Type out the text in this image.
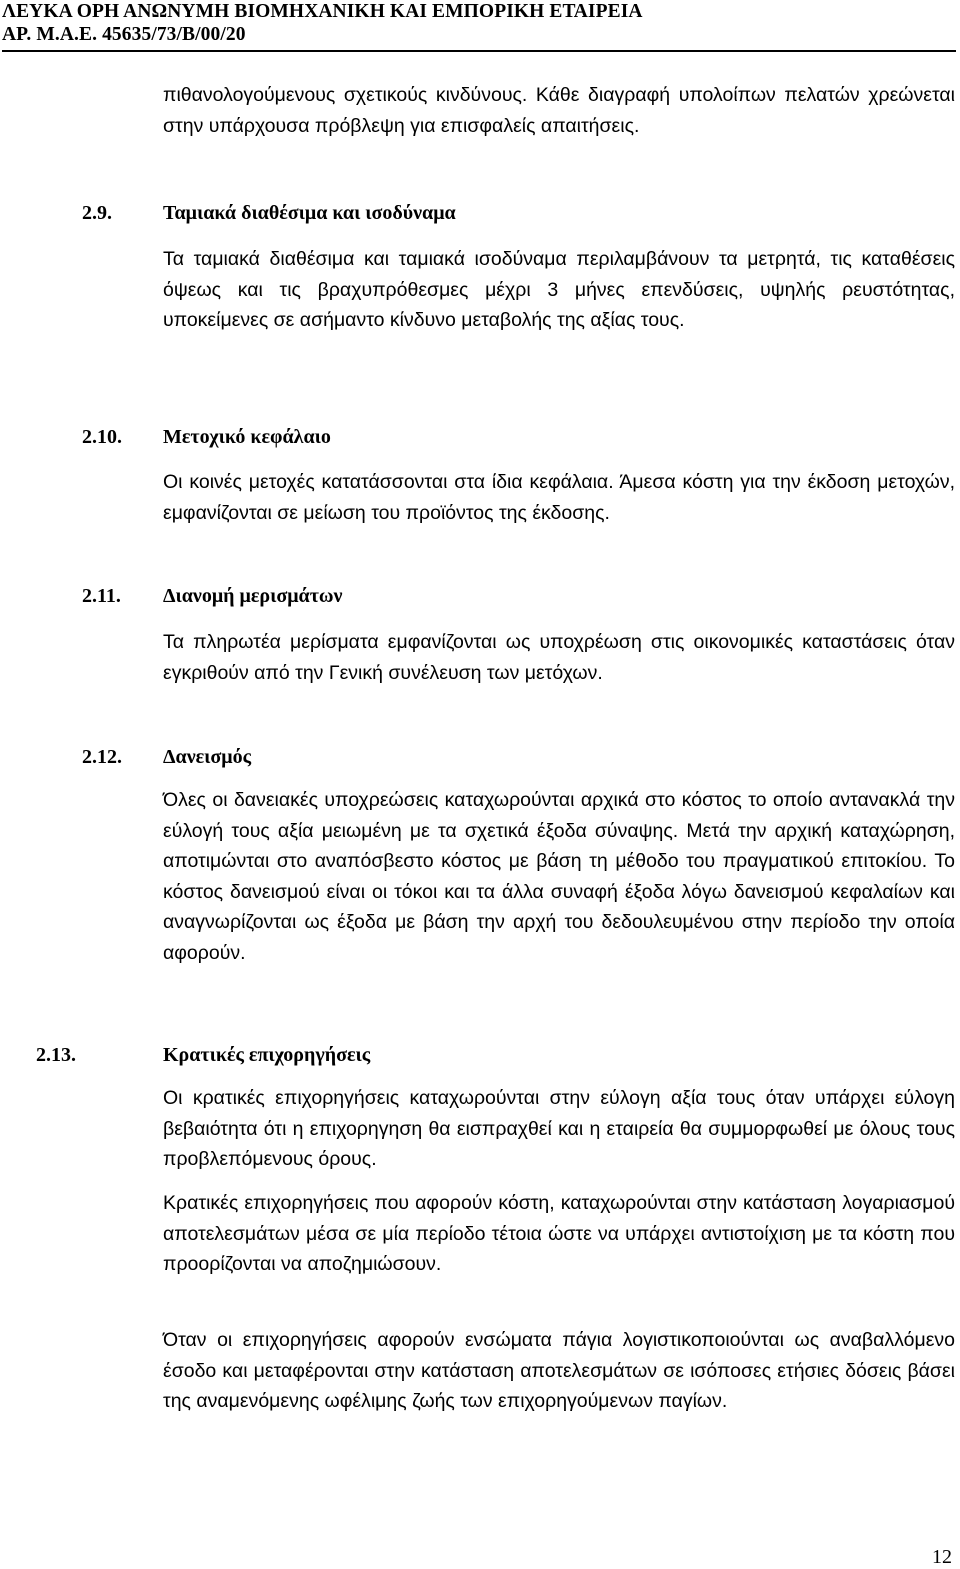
ΛΕΥΚΑ ΟΡΗ ΑΝΩΝΥΜΗ ΒΙΟΜΗΧΑΝΙΚΗ ΚΑΙ ΕΜΠΟΡΙΚΗ ΕΤΑΙΡΕΙΑ
ΑΡ. Μ.Α.Ε. 45635/73/Β/00/20

πιθανολογούμενους σχετικούς κινδύνους. Κάθε διαγραφή υπολοίπων πελατών χρεώνεται στην υπάρχουσα πρόβλεψη για επισφαλείς απαιτήσεις.

2.9.	Ταμιακά διαθέσιμα και ισοδύναμα

Τα ταμιακά διαθέσιμα και ταμιακά ισοδύναμα περιλαμβάνουν τα μετρητά, τις καταθέσεις όψεως και τις βραχυπρόθεσμες μέχρι 3 μήνες επενδύσεις, υψηλής ρευστότητας, υποκείμενες σε ασήμαντο κίνδυνο μεταβολής της αξίας τους.

2.10. Μετοχικό κεφάλαιο

Οι κοινές μετοχές κατατάσσονται στα ίδια κεφάλαια. Άμεσα κόστη για την έκδοση μετοχών, εμφανίζονται σε μείωση του προϊόντος της έκδοσης.

2.11. Διανομή μερισμάτων

Τα πληρωτέα μερίσματα εμφανίζονται ως υποχρέωση στις οικονομικές καταστάσεις όταν εγκριθούν από την Γενική συνέλευση των μετόχων.

2.12. Δανεισμός

Όλες οι δανειακές υποχρεώσεις καταχωρούνται αρχικά στο κόστος το οποίο αντανακλά την εύλογή τους αξία μειωμένη με τα σχετικά έξοδα σύναψης. Μετά την αρχική καταχώρηση, αποτιμώνται στο αναπόσβεστο κόστος με βάση τη μέθοδο του πραγματικού επιτοκίου. Το κόστος δανεισμού είναι οι τόκοι και τα άλλα συναφή έξοδα λόγω δανεισμού κεφαλαίων και αναγνωρίζονται ως έξοδα με βάση την αρχή του δεδουλευμένου στην περίοδο την οποία αφορούν.

2.13.	Κρατικές επιχορηγήσεις

Οι κρατικές επιχορηγήσεις καταχωρούνται στην εύλογη αξία τους όταν υπάρχει εύλογη βεβαιότητα ότι η επιχορηγηση θα εισπραχθεί και η εταιρεία θα συμμορφωθεί με όλους τους προβλεπόμενους όρους.

Κρατικές επιχορηγήσεις που αφορούν κόστη, καταχωρούνται στην κατάσταση λογαριασμού αποτελεσμάτων μέσα σε μία περίοδο τέτοια ώστε να υπάρχει αντιστοίχιση με τα κόστη που προορίζονται να αποζημιώσουν.

Όταν οι επιχορηγήσεις αφορούν ενσώματα πάγια λογιστικοποιούνται ως αναβαλλόμενο έσοδο και μεταφέρονται στην κατάσταση αποτελεσμάτων σε ισόποσες ετήσιες δόσεις βάσει της αναμενόμενης ωφέλιμης ζωής των επιχορηγούμενων παγίων.

12
